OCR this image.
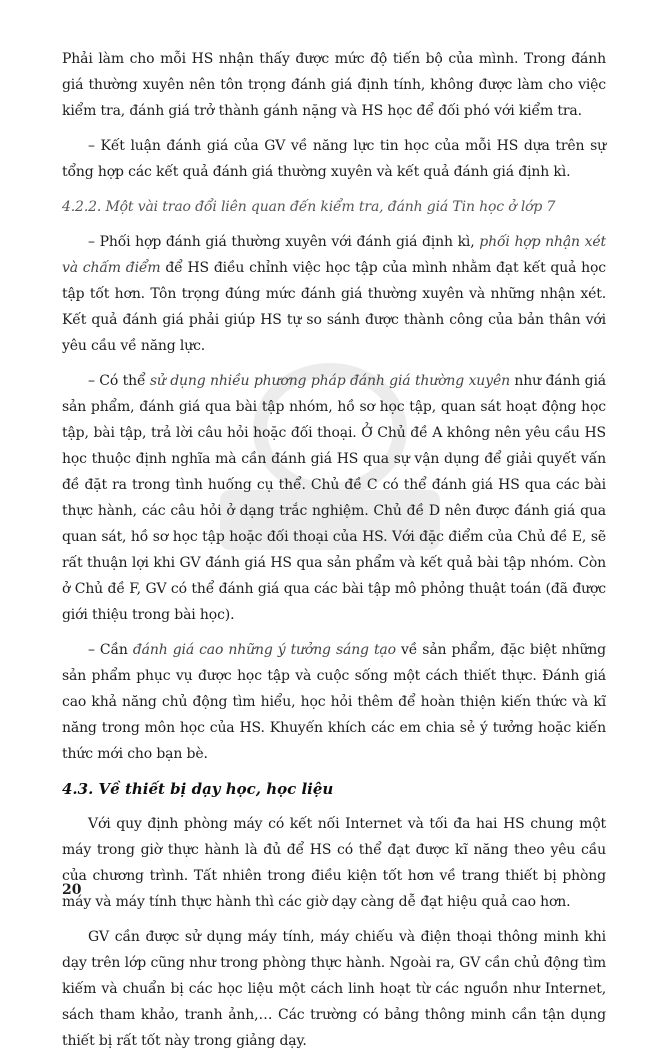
Phải làm cho mỗi HS nhận thấy được mức độ tiến bộ của mình. Trong đánh giá thường xuyên nên tôn trọng đánh giá định tính, không được làm cho việc kiểm tra, đánh giá trở thành gánh nặng và HS học để đối phó với kiểm tra.

– Kết luận đánh giá của GV về năng lực tin học của mỗi HS dựa trên sự tổng hợp các kết quả đánh giá thường xuyên và kết quả đánh giá định kì.

4.2.2. Một vài trao đổi liên quan đến kiểm tra, đánh giá Tin học ở lớp 7

– Phối hợp đánh giá thường xuyên với đánh giá định kì, phối hợp nhận xét và chấm điểm để HS điều chỉnh việc học tập của mình nhằm đạt kết quả học tập tốt hơn. Tôn trọng đúng mức đánh giá thường xuyên và những nhận xét. Kết quả đánh giá phải giúp HS tự so sánh được thành công của bản thân với yêu cầu về năng lực.

– Có thể sử dụng nhiều phương pháp đánh giá thường xuyên như đánh giá sản phẩm, đánh giá qua bài tập nhóm, hồ sơ học tập, quan sát hoạt động học tập, bài tập, trả lời câu hỏi hoặc đối thoại. Ở Chủ đề A không nên yêu cầu HS học thuộc định nghĩa mà cần đánh giá HS qua sự vận dụng để giải quyết vấn đề đặt ra trong tình huống cụ thể. Chủ đề C có thể đánh giá HS qua các bài thực hành, các câu hỏi ở dạng trắc nghiệm. Chủ đề D nên được đánh giá qua quan sát, hồ sơ học tập hoặc đối thoại của HS. Với đặc điểm của Chủ đề E, sẽ rất thuận lợi khi GV đánh giá HS qua sản phẩm và kết quả bài tập nhóm. Còn ở Chủ đề F, GV có thể đánh giá qua các bài tập mô phỏng thuật toán (đã được giới thiệu trong bài học).

– Cần đánh giá cao những ý tưởng sáng tạo về sản phẩm, đặc biệt những sản phẩm phục vụ được học tập và cuộc sống một cách thiết thực. Đánh giá cao khả năng chủ động tìm hiểu, học hỏi thêm để hoàn thiện kiến thức và kĩ năng trong môn học của HS. Khuyến khích các em chia sẻ ý tưởng hoặc kiến thức mới cho bạn bè.

4.3. Về thiết bị dạy học, học liệu

Với quy định phòng máy có kết nối Internet và tối đa hai HS chung một máy trong giờ thực hành là đủ để HS có thể đạt được kĩ năng theo yêu cầu của chương trình. Tất nhiên trong điều kiện tốt hơn về trang thiết bị phòng máy và máy tính thực hành thì các giờ dạy càng dễ đạt hiệu quả cao hơn.

GV cần được sử dụng máy tính, máy chiếu và điện thoại thông minh khi dạy trên lớp cũng như trong phòng thực hành. Ngoài ra, GV cần chủ động tìm kiếm và chuẩn bị các học liệu một cách linh hoạt từ các nguồn như Internet, sách tham khảo, tranh ảnh,… Các trường có bảng thông minh cần tận dụng thiết bị rất tốt này trong giảng dạy.

20
